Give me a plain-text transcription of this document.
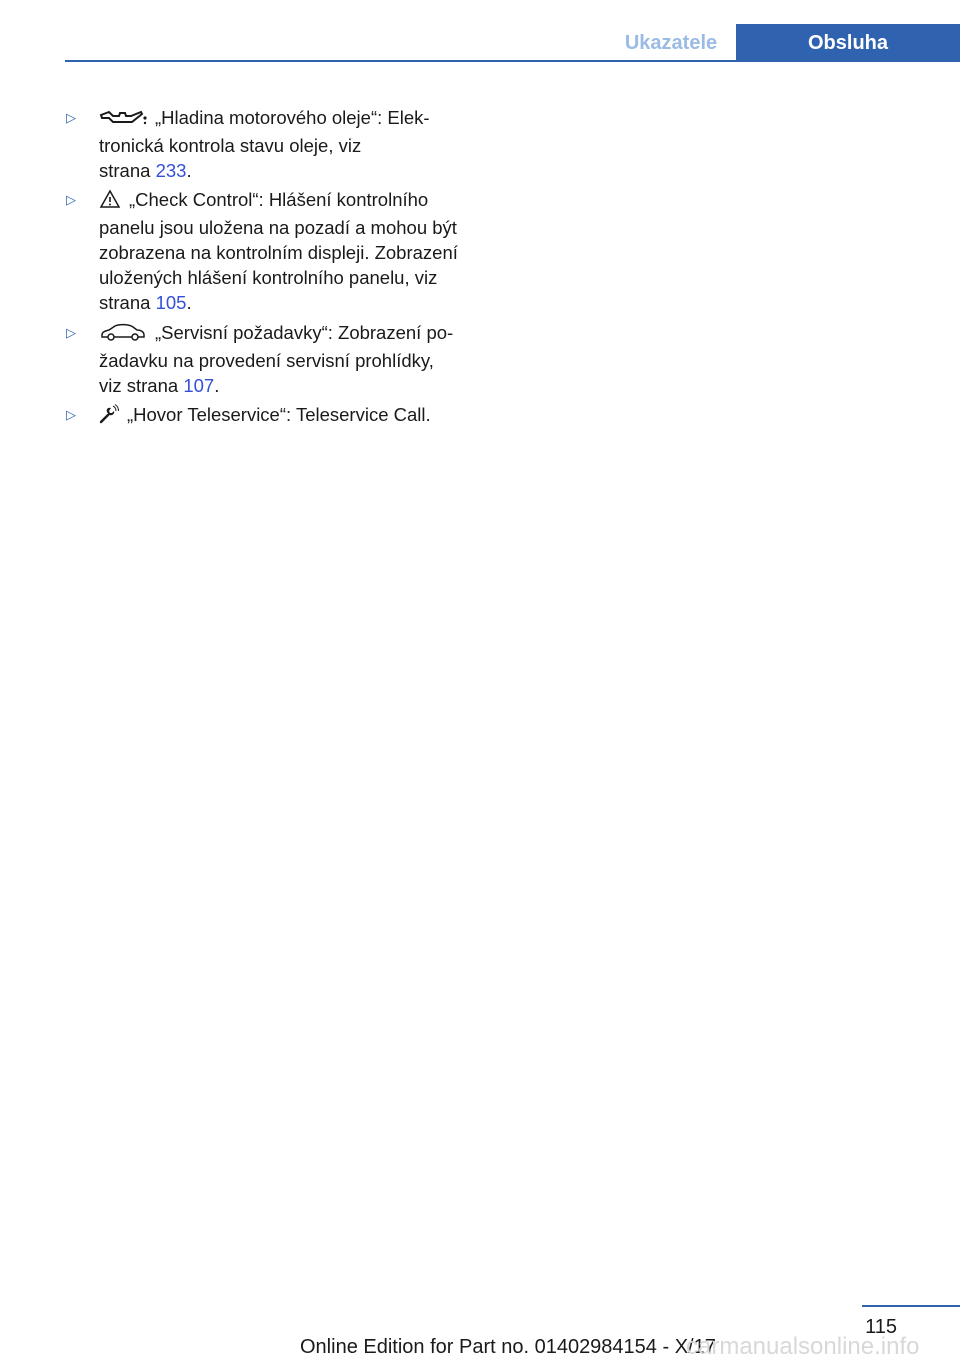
Ukazatele	Obsluha
▷	„Hladina motorového oleje“: Elek-
tronická kontrola stavu oleje, viz
strana 233.
▷	„Check Control“: Hlášení kontrolního
panelu jsou uložena na pozadí a mohou být
zobrazena na kontrolním displeji. Zobrazení
uložených hlášení kontrolního panelu, viz
strana 105.
▷	„Servisní požadavky“: Zobrazení po-
žadavku na provedení servisní prohlídky,
viz strana 107.
▷	„Hovor Teleservice“: Teleservice Call.
115
Online Edition for Part no. 01402984154 - X/17
carmanualsonline.info
